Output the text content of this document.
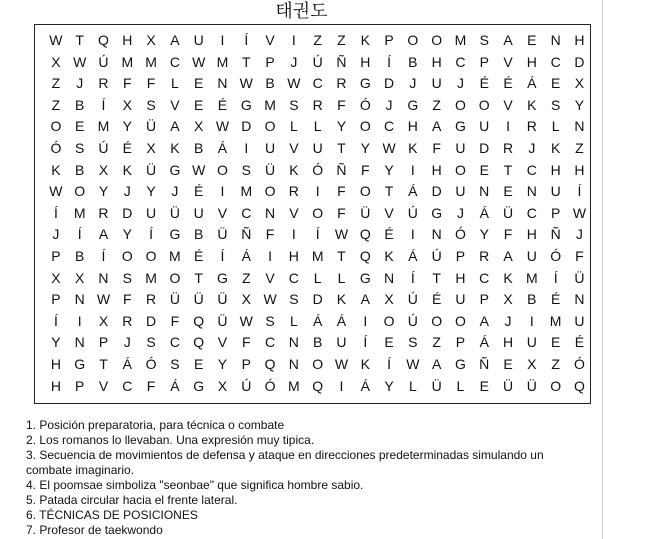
태권도
W T	Q H	X	A	U	I	Í	V	I	Z	Z	K	P O O M S	A	E	N H
X W Ú M M C W M T	P	J	Ú Ñ H	Í	B	H C	P	V	H C D
Z	J	R	F	F	L	E	N W B W C R G D	J	U	J	É	É	Á	E	X
Z	B	Í	X	S	V	E	É G M S	R	F	Ó	J	G	Z	O O V	K	S	Y
O E M Y	Ü	A	X W D O	L	L	Y O C H	A G U	I	R	L	N
Ó S	Ú	É	X	K	B	Á	I	U	V	U	T	Y W K	F	U D R	J	K	Z
K	B	X	K	Ü G W O S	Ü	K Ó Ñ	F	Y	I	H O E	T	C H H
W O Y	J	Y	J	É	I	M O R	I	F	O	T	Á	D U N	E	N U	Í
Í	M R D U Ü U	V	C N	V O	F	Ü	V	Ú G	J	Á	Ü C	P W
J	Í	A	Y	Í	G B	Ü Ñ	F	I	Í	W Q É	I	N Ó Y	F	H Ñ	J
P	B	Í	O O M É	Í	Á	I	H M T	Q K	Á	Ú	P	R	A	U Ó	F
X	X	N	S M O	T	G	Z	V	C	L	L	G N	Í	T	H C	K M	Í	Ü
P	N W F	R Ü Ü Ü	X W S	D	K	A	X	Ú	É	U	P	X	B	É	N
Í	I	X	R D	F	Q Ü W S	L	Á	Á	I	O Ú O O A	J	I	M U
Y	N	P	J	S	C Q V	F	C N	B	U	Í	E	S	Z	P	Á	H U	E	É
H G	T	Á Ó S	E	Y	P Q N O W K	Í	W A G Ñ	E	X	Z	Ó
H	P	V	C	F	Á G X	Ú Ó M Q	I	Á	Y	L	Ü	L	E	Ü Ü O Q
1. Posición preparatoria, para técnica o combate
2. Los romanos lo llevaban. Una expresión muy tipica.
3. Secuencia de movimientos de defensa y ataque en direcciones predeterminadas simulando un combate imaginario.
4. El poomsae simboliza "seonbae" que significa hombre sabio.
5. Patada circular hacia el frente lateral.
6. TÉCNICAS DE POSICIONES
7. Profesor de taekwondo
